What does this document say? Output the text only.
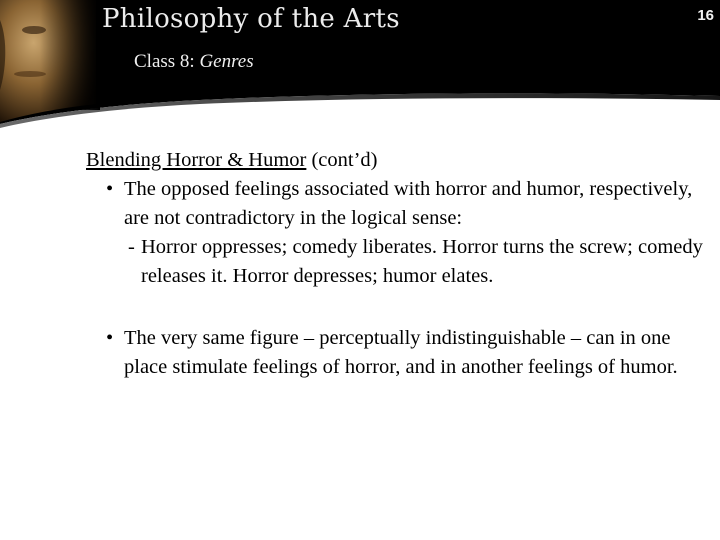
Philosophy of the Arts	16
Class 8: Genres
Blending Horror & Humor (cont’d)
• The opposed feelings associated with horror and humor, respectively, are not contradictory in the logical sense:
- Horror oppresses; comedy liberates. Horror turns the screw; comedy releases it. Horror depresses; humor elates.
• The very same figure – perceptually indistinguishable – can in one place stimulate feelings of horror, and in another feelings of humor.
